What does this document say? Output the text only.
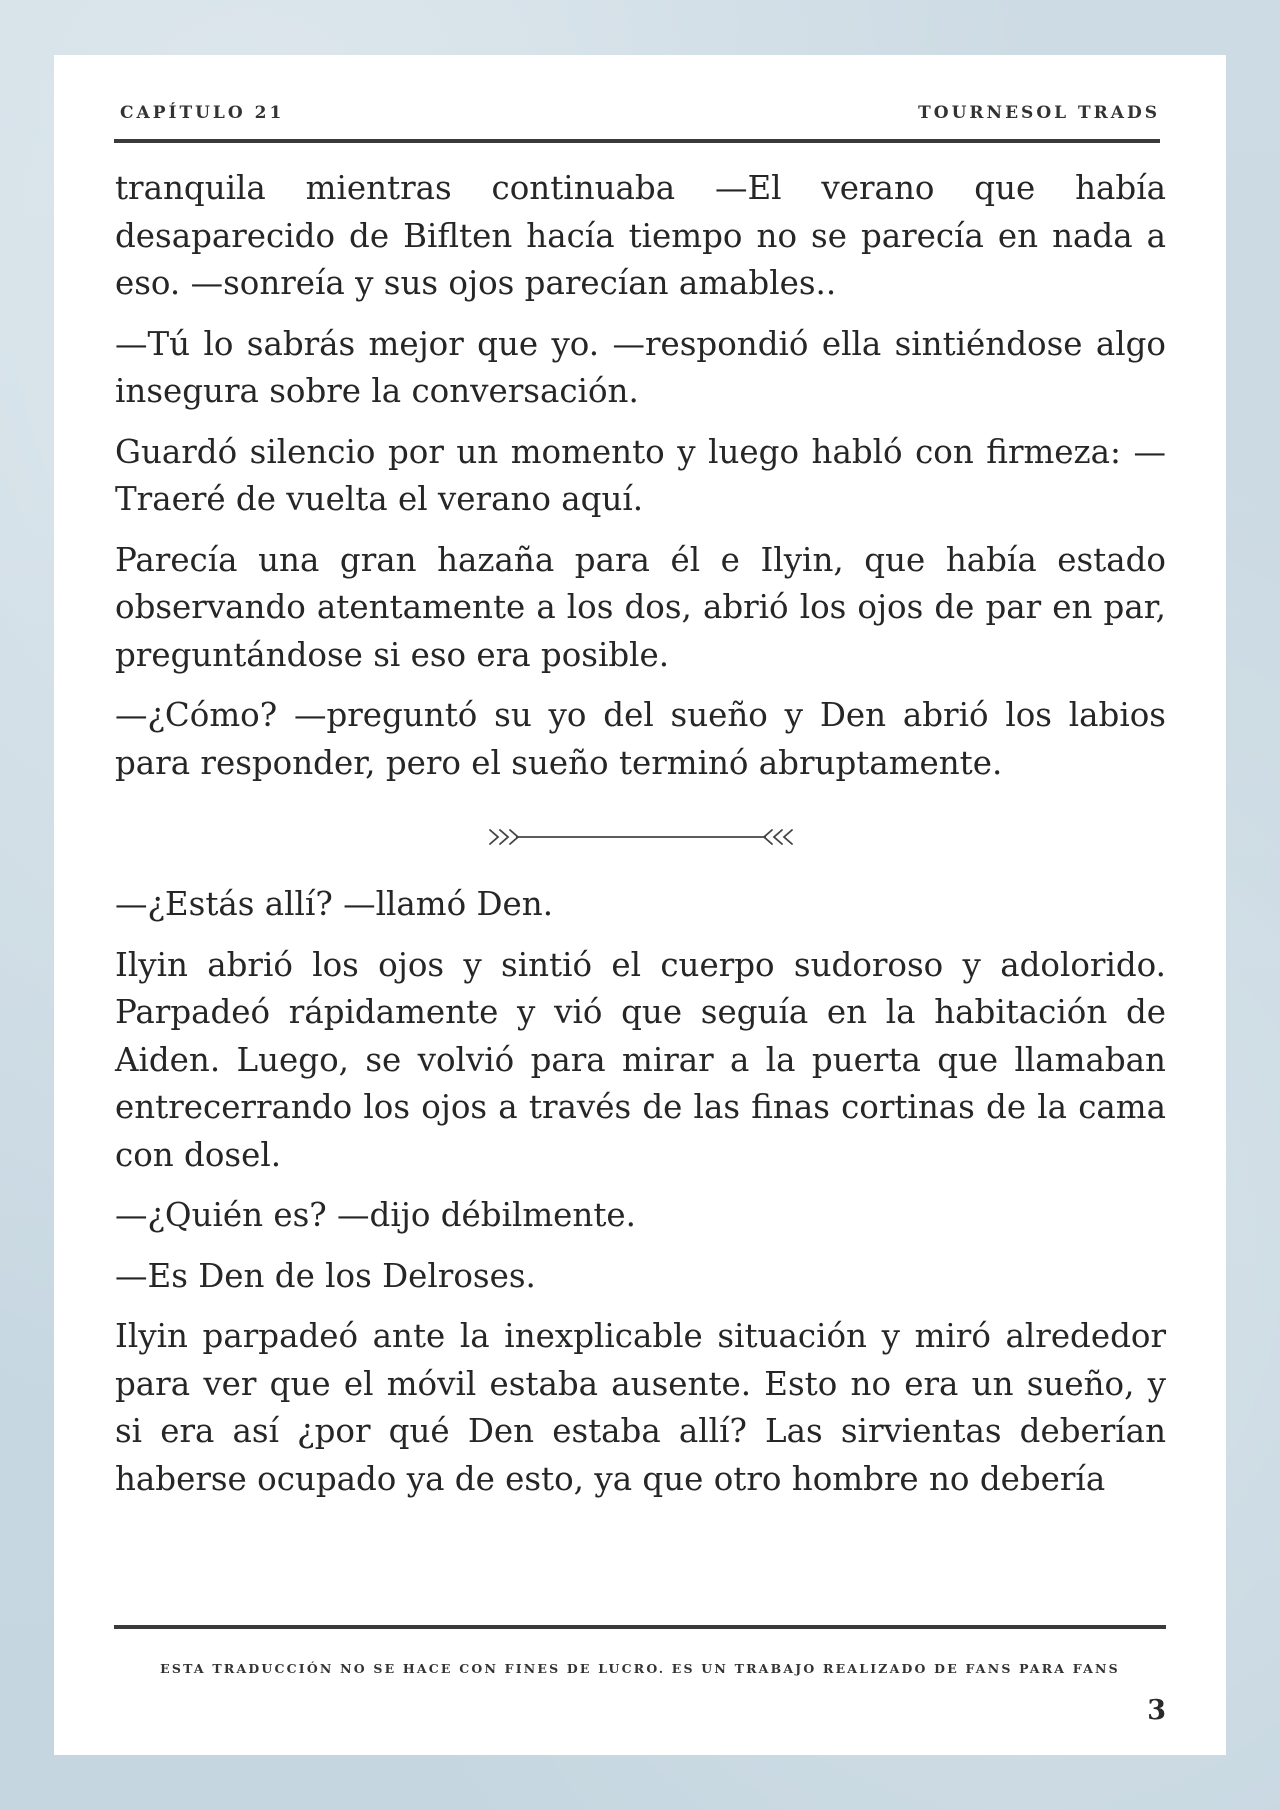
CAPÍTULO 21	TOURNESOL TRADS

tranquila mientras continuaba —El verano que había desaparecido de Biflten hacía tiempo no se parecía en nada a eso. —sonreía y sus ojos parecían amables..

—Tú lo sabrás mejor que yo. —respondió ella sintiéndose algo insegura sobre la conversación.

Guardó silencio por un momento y luego habló con firmeza: —Traeré de vuelta el verano aquí.

Parecía una gran hazaña para él e Ilyin, que había estado observando atentamente a los dos, abrió los ojos de par en par, preguntándose si eso era posible.

—¿Cómo? —preguntó su yo del sueño y Den abrió los labios para responder, pero el sueño terminó abruptamente.

—¿Estás allí? —llamó Den.

Ilyin abrió los ojos y sintió el cuerpo sudoroso y adolorido. Parpadeó rápidamente y vió que seguía en la habitación de Aiden. Luego, se volvió para mirar a la puerta que llamaban entrecerrando los ojos a través de las finas cortinas de la cama con dosel.

—¿Quién es? —dijo débilmente.

—Es Den de los Delroses.

Ilyin parpadeó ante la inexplicable situación y miró alrededor para ver que el móvil estaba ausente. Esto no era un sueño, y si era así ¿por qué Den estaba allí? Las sirvientas deberían haberse ocupado ya de esto, ya que otro hombre no debería

ESTA TRADUCCIÓN NO SE HACE CON FINES DE LUCRO. ES UN TRABAJO REALIZADO DE FANS PARA FANS
3
